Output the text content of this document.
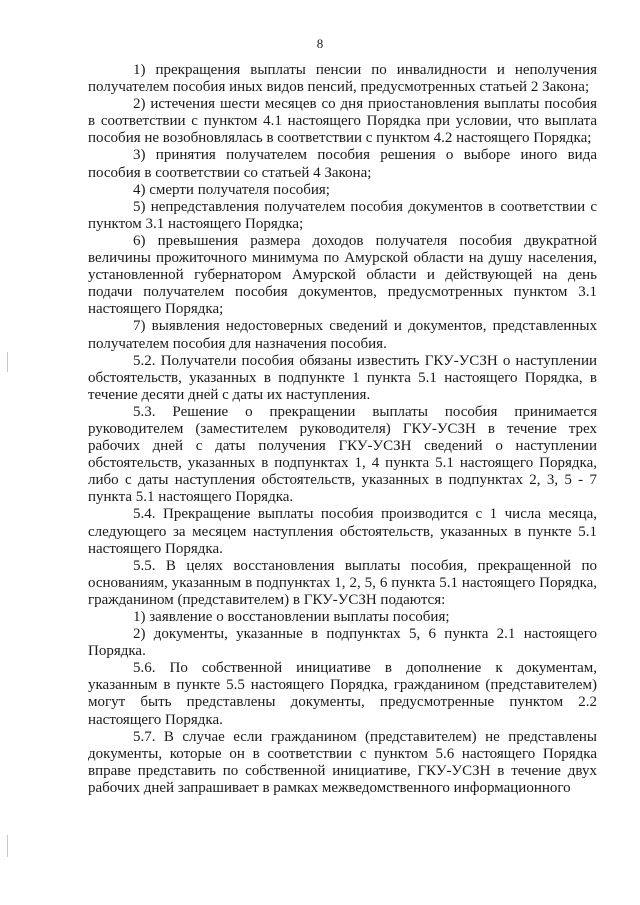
8

1) прекращения выплаты пенсии по инвалидности и неполучения получателем пособия иных видов пенсий, предусмотренных статьей 2 Закона;

2) истечения шести месяцев со дня приостановления выплаты пособия в соответствии с пунктом 4.1 настоящего Порядка при условии, что выплата пособия не возобновлялась в соответствии с пунктом 4.2 настоящего Порядка;

3) принятия получателем пособия решения о выборе иного вида пособия в соответствии со статьей 4 Закона;

4) смерти получателя пособия;

5) непредставления получателем пособия документов в соответствии с пунктом 3.1 настоящего Порядка;

6) превышения размера доходов получателя пособия двукратной величины прожиточного минимума по Амурской области на душу населения, установленной губернатором Амурской области и действующей на день подачи получателем пособия документов, предусмотренных пунктом 3.1 настоящего Порядка;

7) выявления недостоверных сведений и документов, представленных получателем пособия для назначения пособия.

5.2. Получатели пособия обязаны известить ГКУ-УСЗН о наступлении обстоятельств, указанных в подпункте 1 пункта 5.1 настоящего Порядка, в течение десяти дней с даты их наступления.

5.3. Решение о прекращении выплаты пособия принимается руководителем (заместителем руководителя) ГКУ-УСЗН в течение трех рабочих дней с даты получения ГКУ-УСЗН сведений о наступлении обстоятельств, указанных в подпунктах 1, 4 пункта 5.1 настоящего Порядка, либо с даты наступления обстоятельств, указанных в подпунктах 2, 3, 5 - 7 пункта 5.1 настоящего Порядка.

5.4. Прекращение выплаты пособия производится с 1 числа месяца, следующего за месяцем наступления обстоятельств, указанных в пункте 5.1 настоящего Порядка.

5.5. В целях восстановления выплаты пособия, прекращенной по основаниям, указанным в подпунктах 1, 2, 5, 6 пункта 5.1 настоящего Порядка, гражданином (представителем) в ГКУ-УСЗН подаются:

1) заявление о восстановлении выплаты пособия;

2) документы, указанные в подпунктах 5, 6 пункта 2.1 настоящего Порядка.

5.6. По собственной инициативе в дополнение к документам, указанным в пункте 5.5 настоящего Порядка, гражданином (представителем) могут быть представлены документы, предусмотренные пунктом 2.2 настоящего Порядка.

5.7. В случае если гражданином (представителем) не представлены документы, которые он в соответствии с пунктом 5.6 настоящего Порядка вправе представить по собственной инициативе, ГКУ-УСЗН в течение двух рабочих дней запрашивает в рамках межведомственного информационного
